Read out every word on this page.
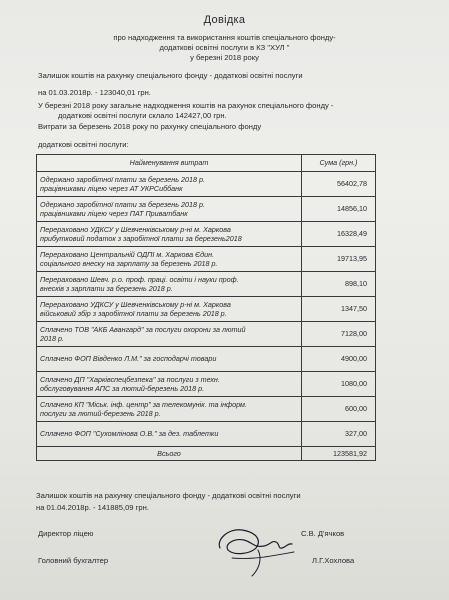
Довідка
про надходження та використання коштів спеціального фонду-
додаткові освітні послуги в КЗ "ХУЛ "
у березні 2018 року
Залишок коштів на рахунку спеціального фонду - додаткові освітні послуги
на 01.03.2018р. - 123040,01 грн.
У березні 2018 року загальне надходження коштів на рахунок спеціального фонду -
додаткові освітні послуги склало 142427,00 грн.
Витрати за березень 2018 року по рахунку спеціального фонду
додаткові освітні послуги:
Найменування витрат	Сума (грн.)
Одержано заробітної плати за березень 2018 р.
працівниками ліцею через АТ УКРСиббанк	56402,78
Одержано заробітної плати за березень 2018 р.
працівниками ліцею через ПАТ Приватбанк	14856,10
Перераховано УДКСУ у Шевченківському р-ні м. Харкова
прибутковий податок з заробітної плати за березень2018	16328,49
Перераховано Центральній ОДПІ м. Харкова Єдин.
соціального внеску на зарплату за березень 2018 р.	19713,95
Перераховано Шевч. р.о. проф. праці. освіти і науки проф.
внесків з зарплати за березень 2018 р.	898,10
Перераховано УДКСУ у Шевченківському р-ні м. Харкова
військовий збір з заробітної плати за березень 2018 р.	1347,50
Сплачено ТОВ "АКБ Авангард" за послуги охорони за лютий
2018 р.	7128,00
Сплачено ФОП Вівденко Л.М." за господарчі товари	4900,00
Сплачено ДП "Харківспецбезпека" за послуги з техн.
обслуговування АПС за лютий-березень 2018 р.	1080,00
Сплачено КП "Міськ. інф. центр" за телекомунік. та інформ.
послуги за лютий-березень 2018 р.	600,00
Сплачено ФОП "Сухомлінова О.В." за дез. таблетки	327,00
Всього	123581,92
Залишок коштів на рахунку спеціального фонду - додаткові освітні послуги
на 01.04.2018р. - 141885,09 грн.
Директор ліцею	С.В. Д'ячков
Головний бухгалтер	Л.Г.Хохлова
